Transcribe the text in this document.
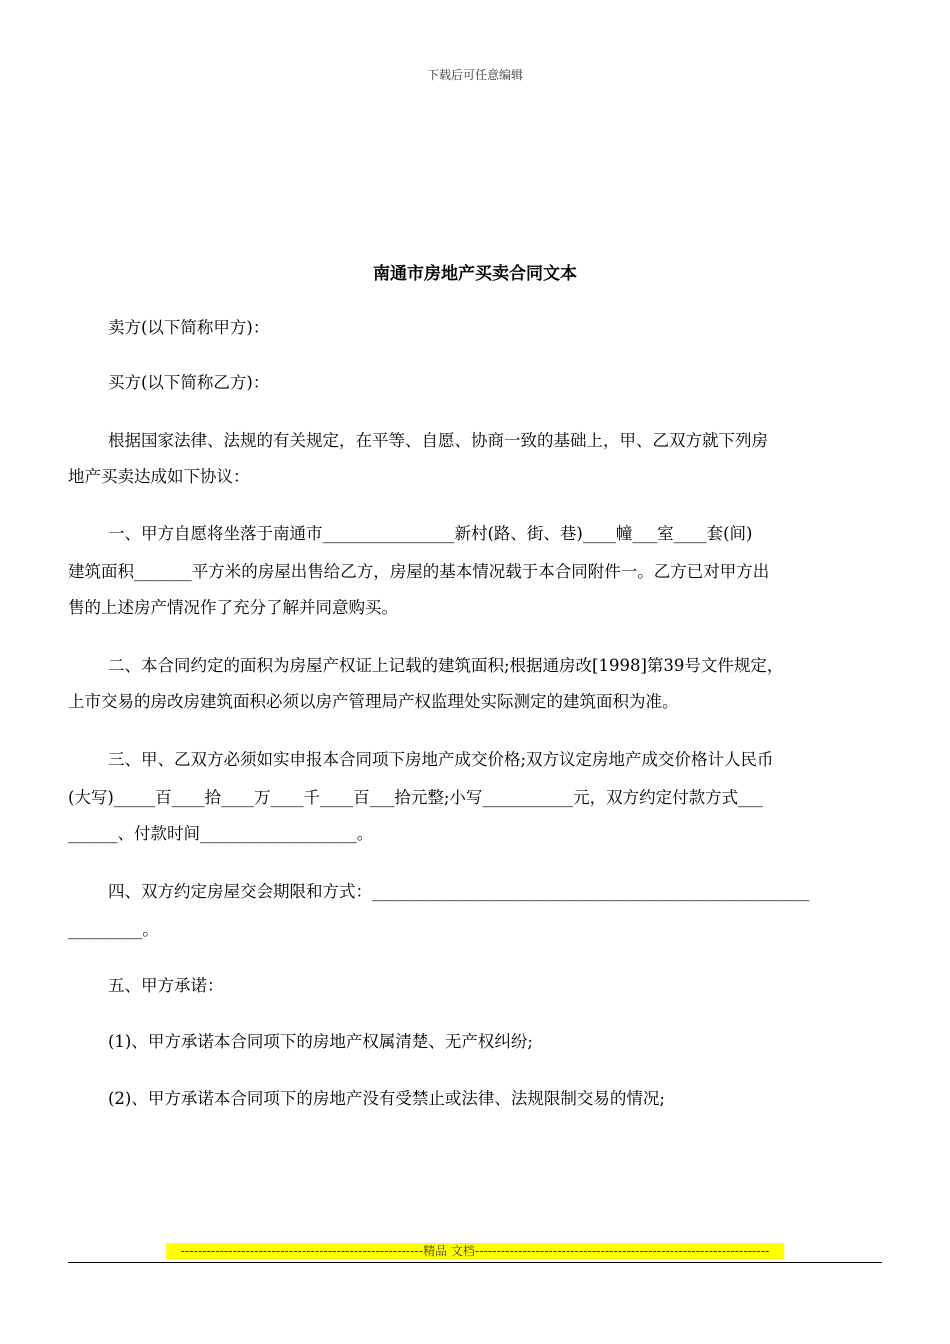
下载后可任意编辑
南通市房地产买卖合同文本
卖方(以下简称甲方)：
买方(以下简称乙方)：
根据国家法律、法规的有关规定，在平等、自愿、协商一致的基础上，甲、乙双方就下列房
地产买卖达成如下协议：
一、甲方自愿将坐落于南通市________________新村(路、街、巷)____幢___室____套(间)
建筑面积_______平方米的房屋出售给乙方，房屋的基本情况载于本合同附件一。乙方已对甲方出
售的上述房产情况作了充分了解并同意购买。
二、本合同约定的面积为房屋产权证上记载的建筑面积;根据通房改[1998]第39号文件规定，
上市交易的房改房建筑面积必须以房产管理局产权监理处实际测定的建筑面积为准。
三、甲、乙双方必须如实申报本合同项下房地产成交价格;双方议定房地产成交价格计人民币
(大写)_____百____拾____万____千____百___拾元整;小写___________元，双方约定付款方式___
______、付款时间___________________。
四、双方约定房屋交会期限和方式：_____________________________________________________
_________。
五、甲方承诺：
(1)、甲方承诺本合同项下的房地产权属清楚、无产权纠纷;
(2)、甲方承诺本合同项下的房地产没有受禁止或法律、法规限制交易的情况;
--------------------------------------------------------精品 文档--------------------------------------------------------------------
